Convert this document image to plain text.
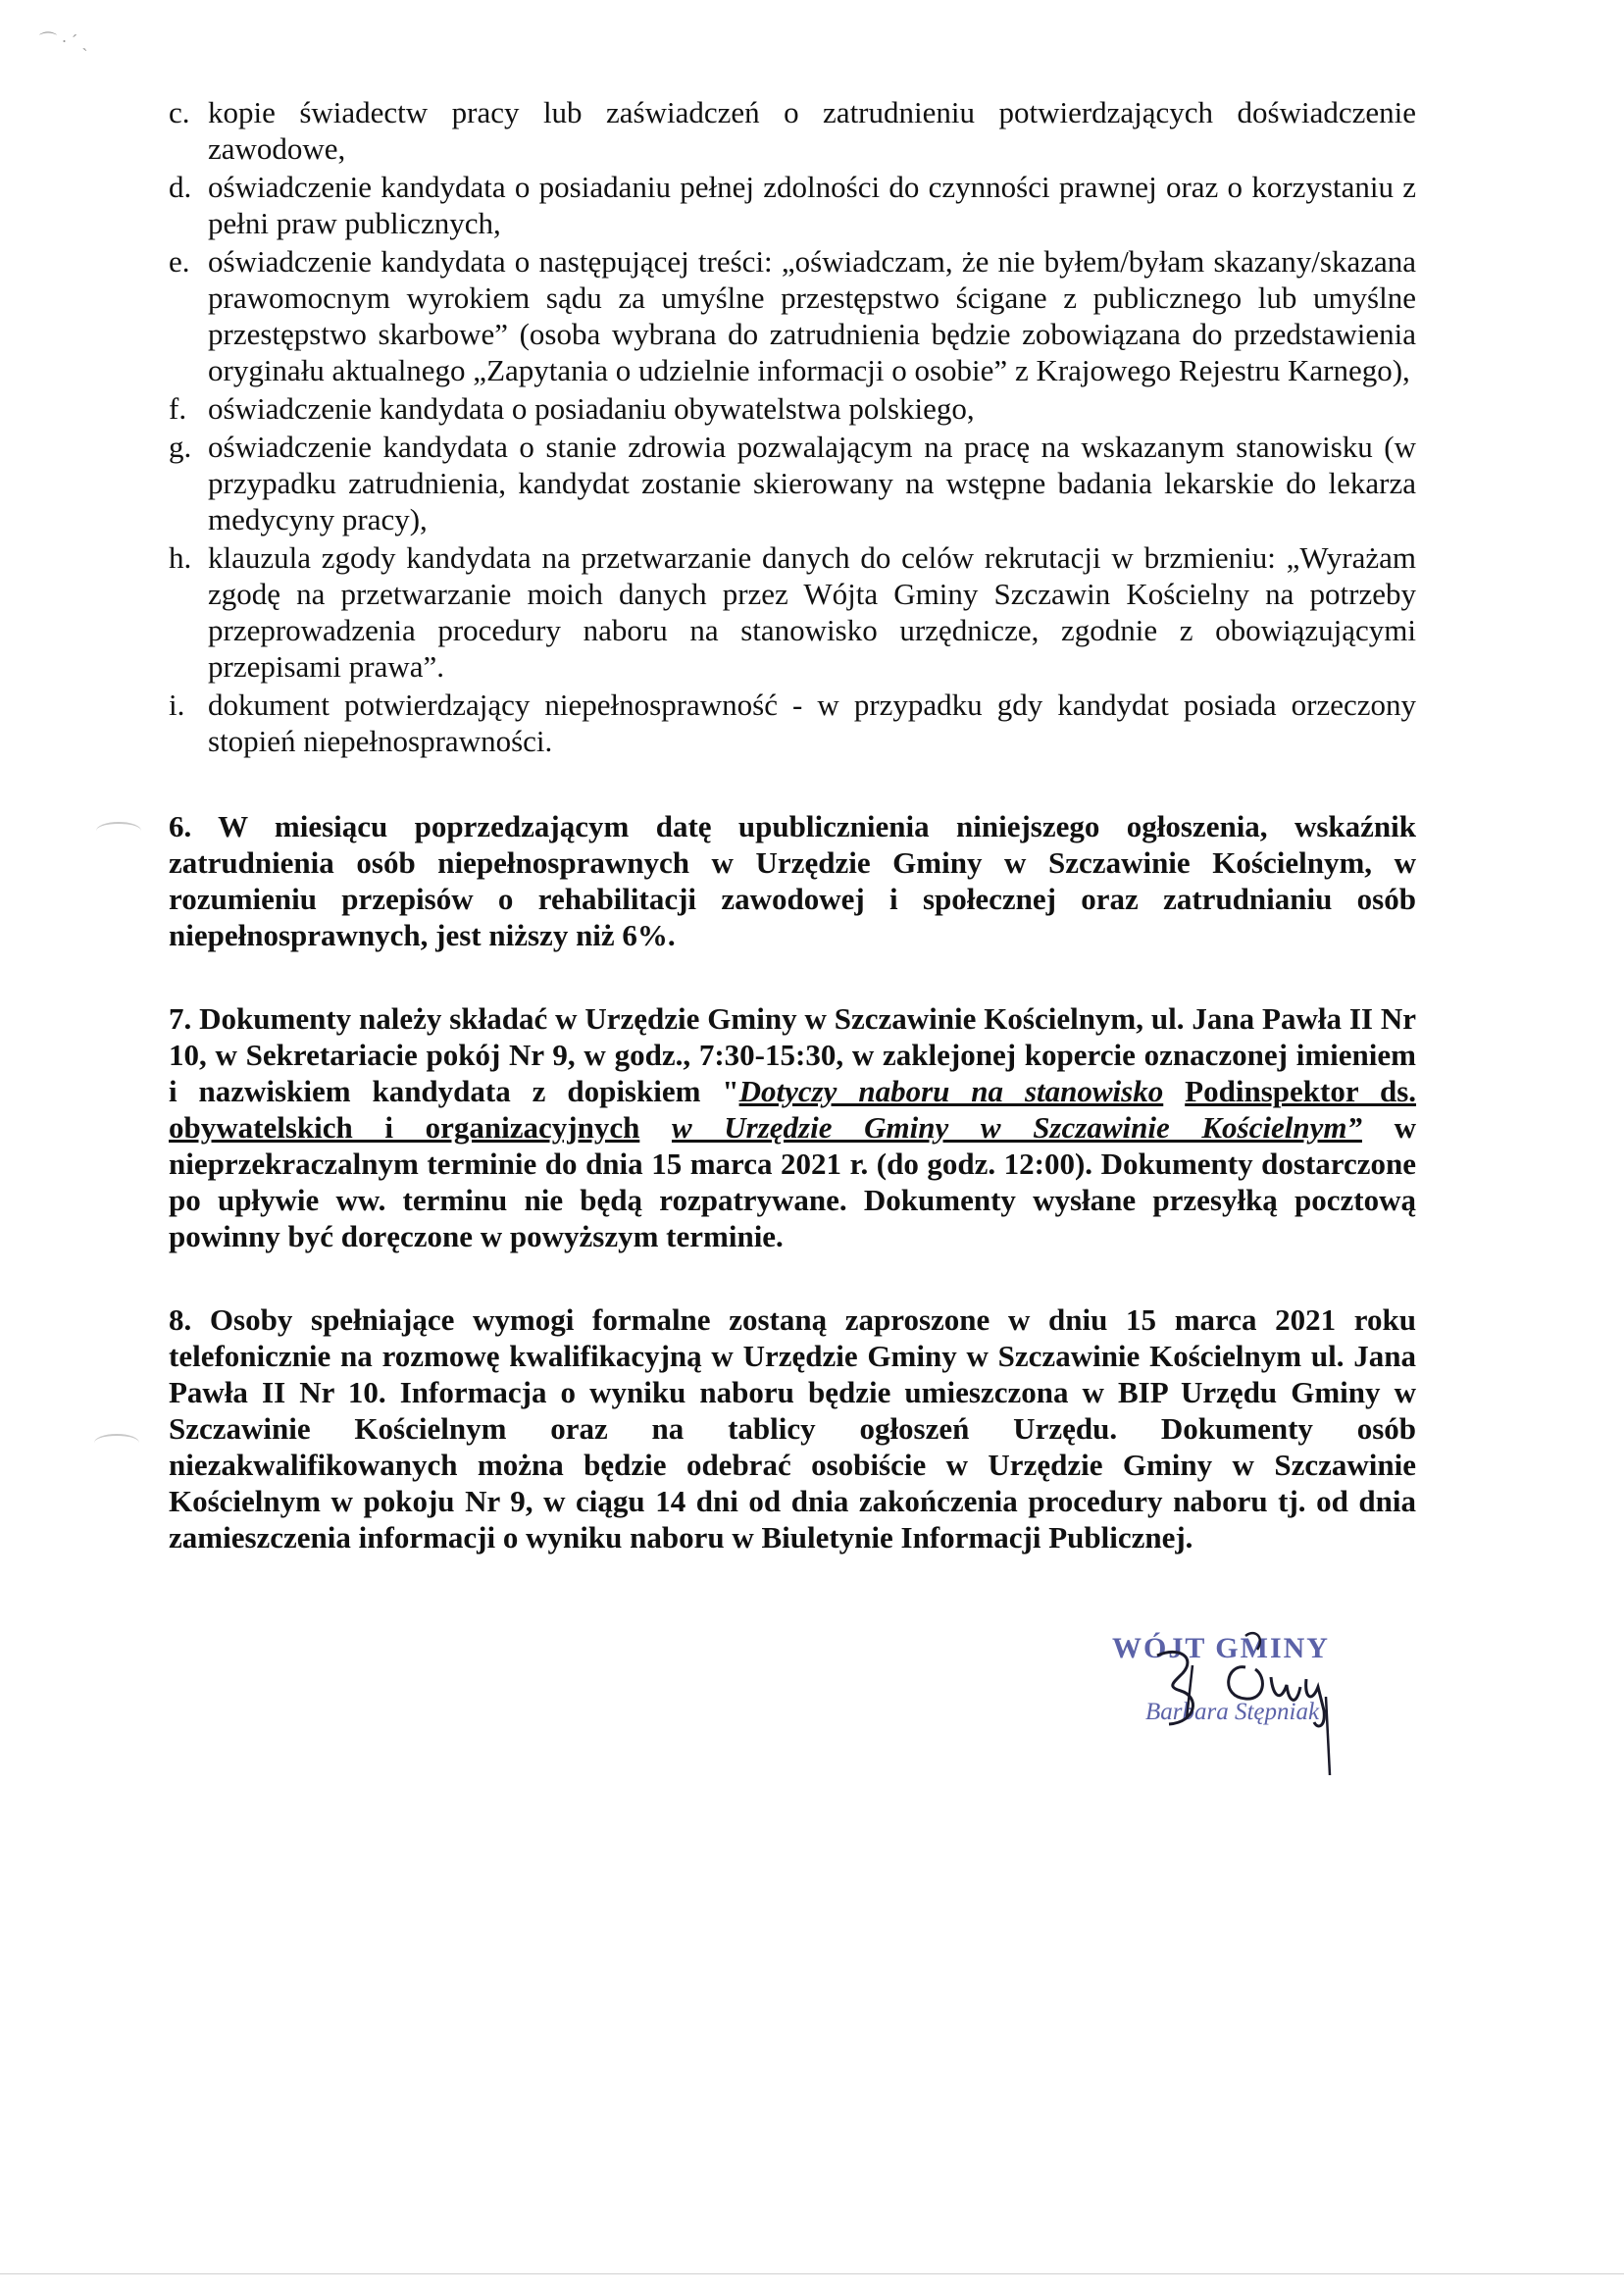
⌒ · ˊ ˎ
c. kopie świadectw pracy lub zaświadczeń o zatrudnieniu potwierdzających doświadczenie zawodowe,
d. oświadczenie kandydata o posiadaniu pełnej zdolności do czynności prawnej oraz o korzystaniu z pełni praw publicznych,
e. oświadczenie kandydata o następującej treści: „oświadczam, że nie byłem/byłam skazany/skazana prawomocnym wyrokiem sądu za umyślne przestępstwo ścigane z publicznego lub umyślne przestępstwo skarbowe” (osoba wybrana do zatrudnienia będzie zobowiązana do przedstawienia oryginału aktualnego „Zapytania o udzielnie informacji o osobie” z Krajowego Rejestru Karnego),
f. oświadczenie kandydata o posiadaniu obywatelstwa polskiego,
g. oświadczenie kandydata o stanie zdrowia pozwalającym na pracę na wskazanym stanowisku (w przypadku zatrudnienia, kandydat zostanie skierowany na wstępne badania lekarskie do lekarza medycyny pracy),
h. klauzula zgody kandydata na przetwarzanie danych do celów rekrutacji w brzmieniu: „Wyrażam zgodę na przetwarzanie moich danych przez Wójta Gminy Szczawin Kościelny na potrzeby przeprowadzenia procedury naboru na stanowisko urzędnicze, zgodnie z obowiązującymi przepisami prawa”.
i. dokument potwierdzający niepełnosprawność - w przypadku gdy kandydat posiada orzeczony stopień niepełnosprawności.

6. W miesiącu poprzedzającym datę upublicznienia niniejszego ogłoszenia, wskaźnik zatrudnienia osób niepełnosprawnych w Urzędzie Gminy w Szczawinie Kościelnym, w rozumieniu przepisów o rehabilitacji zawodowej i społecznej oraz zatrudnianiu osób niepełnosprawnych, jest niższy niż 6%.

7. Dokumenty należy składać w Urzędzie Gminy w Szczawinie Kościelnym, ul. Jana Pawła II Nr 10, w Sekretariacie pokój Nr 9, w godz., 7:30-15:30, w zaklejonej kopercie oznaczonej imieniem i nazwiskiem kandydata z dopiskiem "Dotyczy naboru na stanowisko Podinspektor ds. obywatelskich i organizacyjnych w Urzędzie Gminy w Szczawinie Kościelnym” w nieprzekraczalnym terminie do dnia 15 marca 2021 r. (do godz. 12:00). Dokumenty dostarczone po upływie ww. terminu nie będą rozpatrywane. Dokumenty wysłane przesyłką pocztową powinny być doręczone w powyższym terminie.

8. Osoby spełniające wymogi formalne zostaną zaproszone w dniu 15 marca 2021 roku telefonicznie na rozmowę kwalifikacyjną w Urzędzie Gminy w Szczawinie Kościelnym ul. Jana Pawła II Nr 10. Informacja o wyniku naboru będzie umieszczona w BIP Urzędu Gminy w Szczawinie Kościelnym oraz na tablicy ogłoszeń Urzędu. Dokumenty osób niezakwalifikowanych można będzie odebrać osobiście w Urzędzie Gminy w Szczawinie Kościelnym w pokoju Nr 9, w ciągu 14 dni od dnia zakończenia procedury naboru tj. od dnia zamieszczenia informacji o wyniku naboru w Biuletynie Informacji Publicznej.

WÓJT GMINY
Barbara Stępniak
